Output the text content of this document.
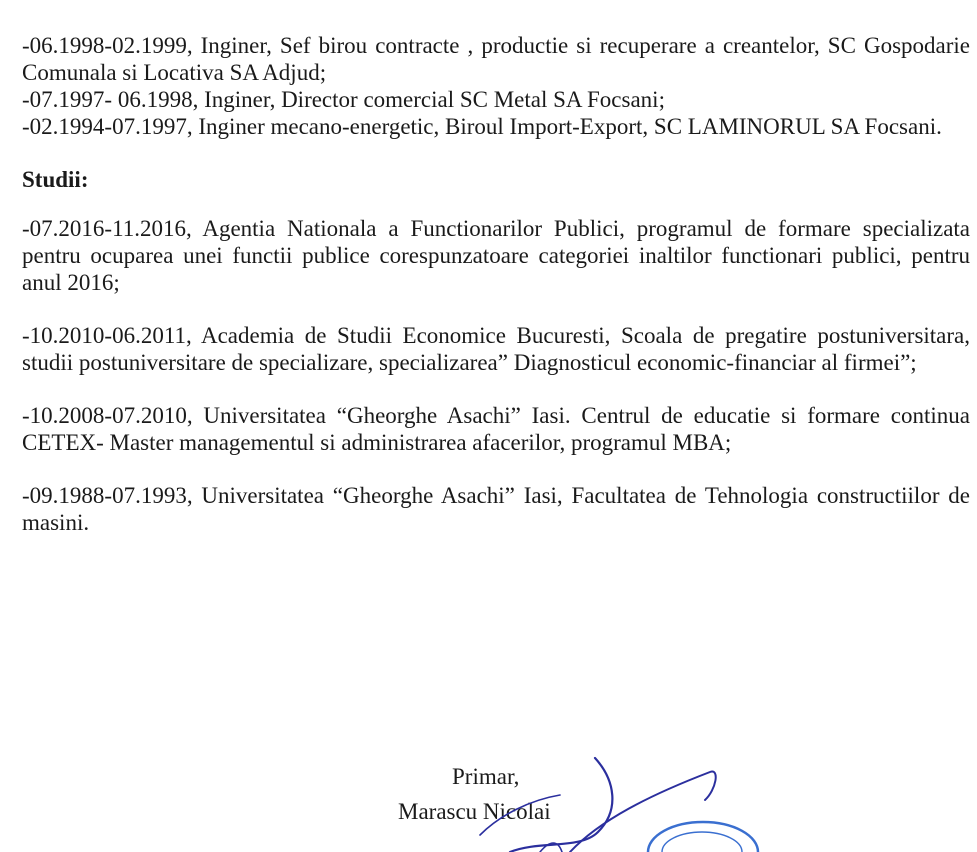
-06.1998-02.1999, Inginer, Sef birou contracte , productie si recuperare a creantelor, SC Gospodarie Comunala si Locativa SA Adjud;

-07.1997- 06.1998, Inginer, Director comercial SC Metal SA Focsani;

-02.1994-07.1997, Inginer mecano-energetic, Biroul Import-Export, SC LAMINORUL SA Focsani.

Studii:

-07.2016-11.2016, Agentia Nationala a Functionarilor Publici, programul de formare specializata pentru ocuparea unei functii publice corespunzatoare categoriei inaltilor functionari publici, pentru anul 2016;

-10.2010-06.2011, Academia de Studii Economice Bucuresti, Scoala de pregatire postuniversitara, studii postuniversitare de specializare, specializarea” Diagnosticul economic-financiar al firmei”;

-10.2008-07.2010, Universitatea “Gheorghe Asachi” Iasi. Centrul de educatie si formare continua CETEX- Master managementul si administrarea afacerilor, programul MBA;

-09.1988-07.1993, Universitatea “Gheorghe Asachi” Iasi, Facultatea de Tehnologia constructiilor de masini.

Primar,
Marascu Nicolai
